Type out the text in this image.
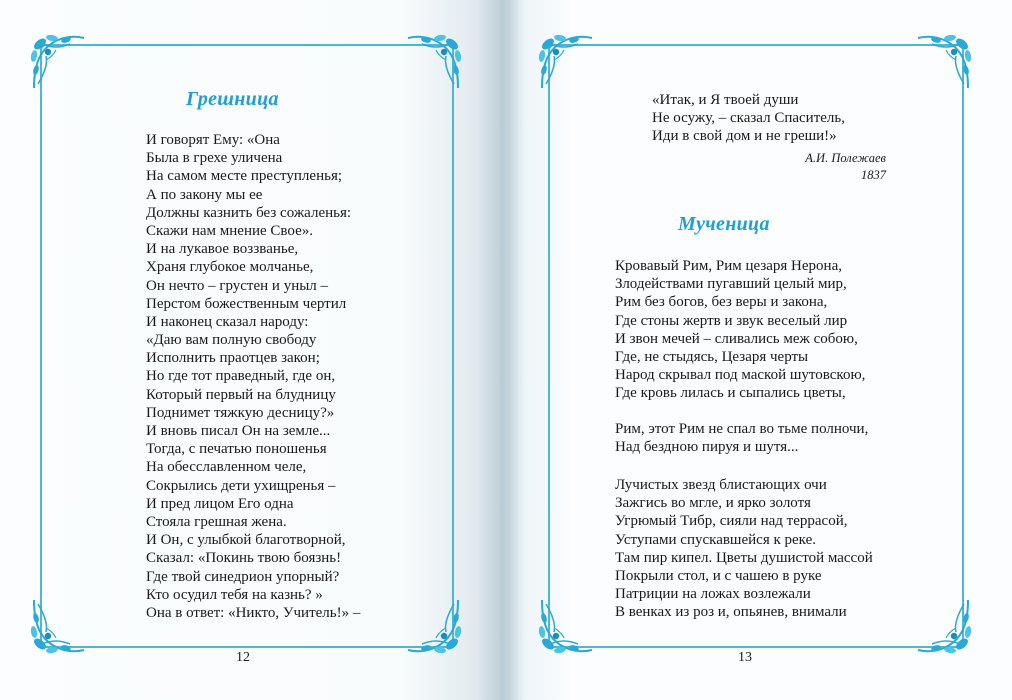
Грешница
И говорят Ему: «Она
Была в грехе уличена
На самом месте преступленья;
А по закону мы ее
Должны казнить без сожаленья:
Скажи нам мнение Свое».
И на лукавое воззванье,
Храня глубокое молчанье,
Он нечто – грустен и уныл –
Перстом божественным чертил
И наконец сказал народу:
«Даю вам полную свободу
Исполнить праотцев закон;
Но где тот праведный, где он,
Который первый на блудницу
Поднимет тяжкую десницу?»
И вновь писал Он на земле...
Тогда, с печатью поношенья
На обесславленном челе,
Сокрылись дети ухищренья –
И пред лицом Его одна
Стояла грешная жена.
И Он, с улыбкой благотворной,
Сказал: «Покинь твою боязнь!
Где твой синедрион упорный?
Кто осудил тебя на казнь? »
Она в ответ: «Никто, Учитель!» –
12
«Итак, и Я твоей души
Не осужу, – сказал Спаситель,
Иди в свой дом и не греши!»
А.И. Полежаев
1837
Мученица
Кровавый Рим, Рим цезаря Нерона,
Злодействами пугавший целый мир,
Рим без богов, без веры и закона,
Где стоны жертв и звук веселый лир
И звон мечей – сливались меж собою,
Где, не стыдясь, Цезаря черты
Народ скрывал под маской шутовскою,
Где кровь лилась и сыпались цветы,
Рим, этот Рим не спал во тьме полночи,
Над бездною пируя и шутя...
Лучистых звезд блистающих очи
Зажгись во мгле, и ярко золотя
Угрюмый Тибр, сияли над террасой,
Уступами спускавшейся к реке.
Там пир кипел. Цветы душистой массой
Покрыли стол, и с чашею в руке
Патриции на ложах возлежали
В венках из роз и, опьянев, внимали
13
